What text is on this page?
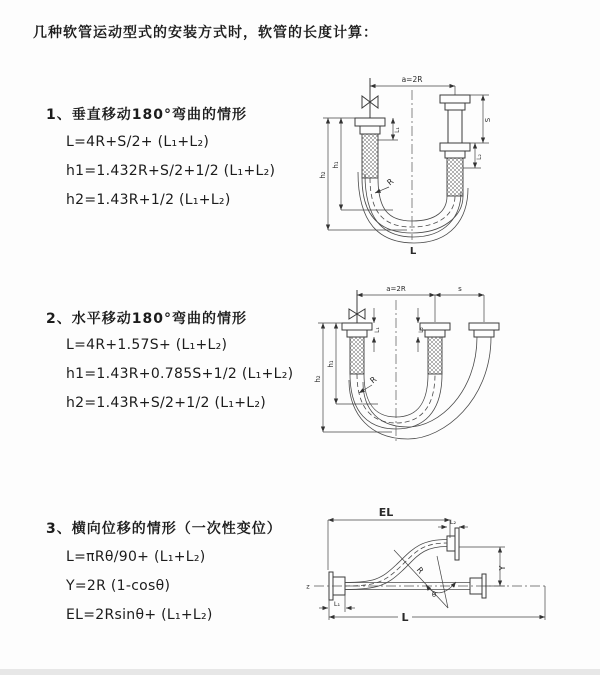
几种软管运动型式的安装方式时，软管的长度计算：
1、垂直移动180°弯曲的情形
L=4R+S/2+ (L₁+L₂)
h1=1.432R+S/2+1/2 (L₁+L₂)
h2=1.43R+1/2 (L₁+L₂)
2、水平移动180°弯曲的情形
L=4R+1.57S+ (L₁+L₂)
h1=1.43R+0.785S+1/2 (L₁+L₂)
h2=1.43R+S/2+1/2 (L₁+L₂)
3、横向位移的情形（一次性变位）
L=πRθ/90+ (L₁+L₂)
Y=2R (1-cosθ)
EL=2Rsinθ+ (L₁+L₂)
a=2R
h₁
h₂
L₁
S
L₂
R
L
a=2R	s
h₁
h₂
L₁	L₂
R
EL
L₂
Y
R
θ
L
L₁
z
